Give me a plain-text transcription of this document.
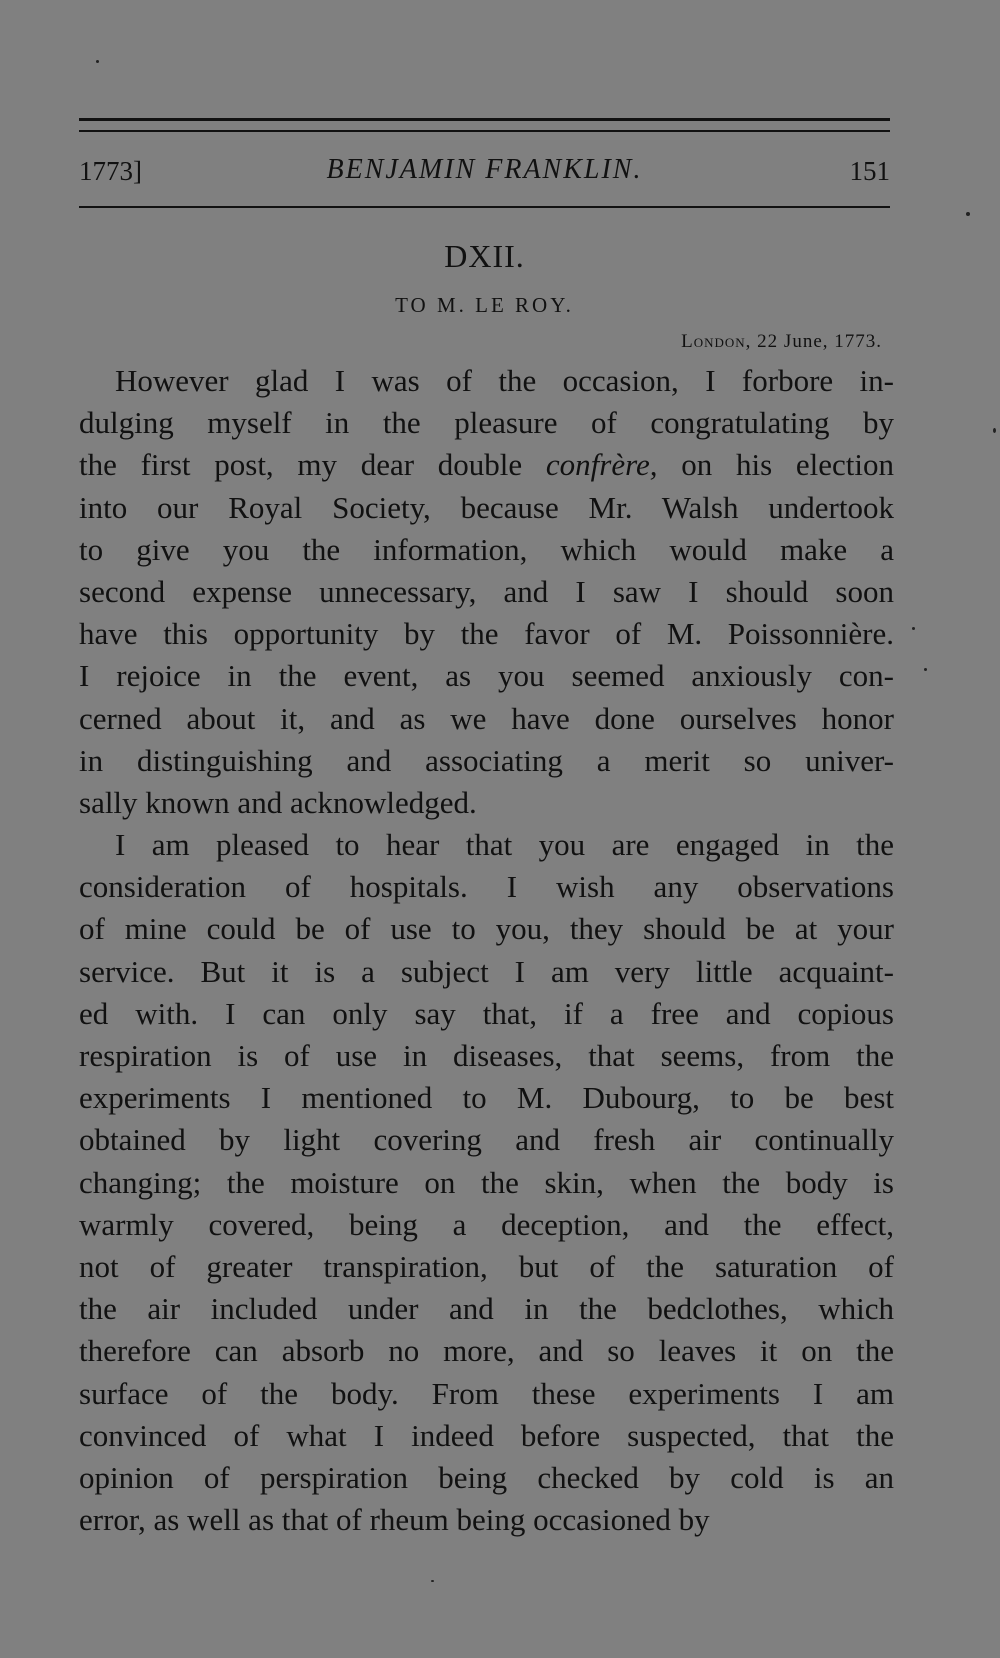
1773]	BENJAMIN FRANKLIN.	151
DXII.
TO M. LE ROY.
London, 22 June, 1773.
However glad I was of the occasion, I forbore in-
dulging myself in the pleasure of congratulating by
the first post, my dear double confrère, on his election
into our Royal Society, because Mr. Walsh undertook
to give you the information, which would make a
second expense unnecessary, and I saw I should soon
have this opportunity by the favor of M. Poissonnière.
I rejoice in the event, as you seemed anxiously con-
cerned about it, and as we have done ourselves honor
in distinguishing and associating a merit so univer-
sally known and acknowledged.
I am pleased to hear that you are engaged in the
consideration of hospitals. I wish any observations
of mine could be of use to you, they should be at your
service. But it is a subject I am very little acquaint-
ed with. I can only say that, if a free and copious
respiration is of use in diseases, that seems, from the
experiments I mentioned to M. Dubourg, to be best
obtained by light covering and fresh air continually
changing; the moisture on the skin, when the body is
warmly covered, being a deception, and the effect,
not of greater transpiration, but of the saturation of
the air included under and in the bedclothes, which
therefore can absorb no more, and so leaves it on the
surface of the body. From these experiments I am
convinced of what I indeed before suspected, that the
opinion of perspiration being checked by cold is an
error, as well as that of rheum being occasioned by
